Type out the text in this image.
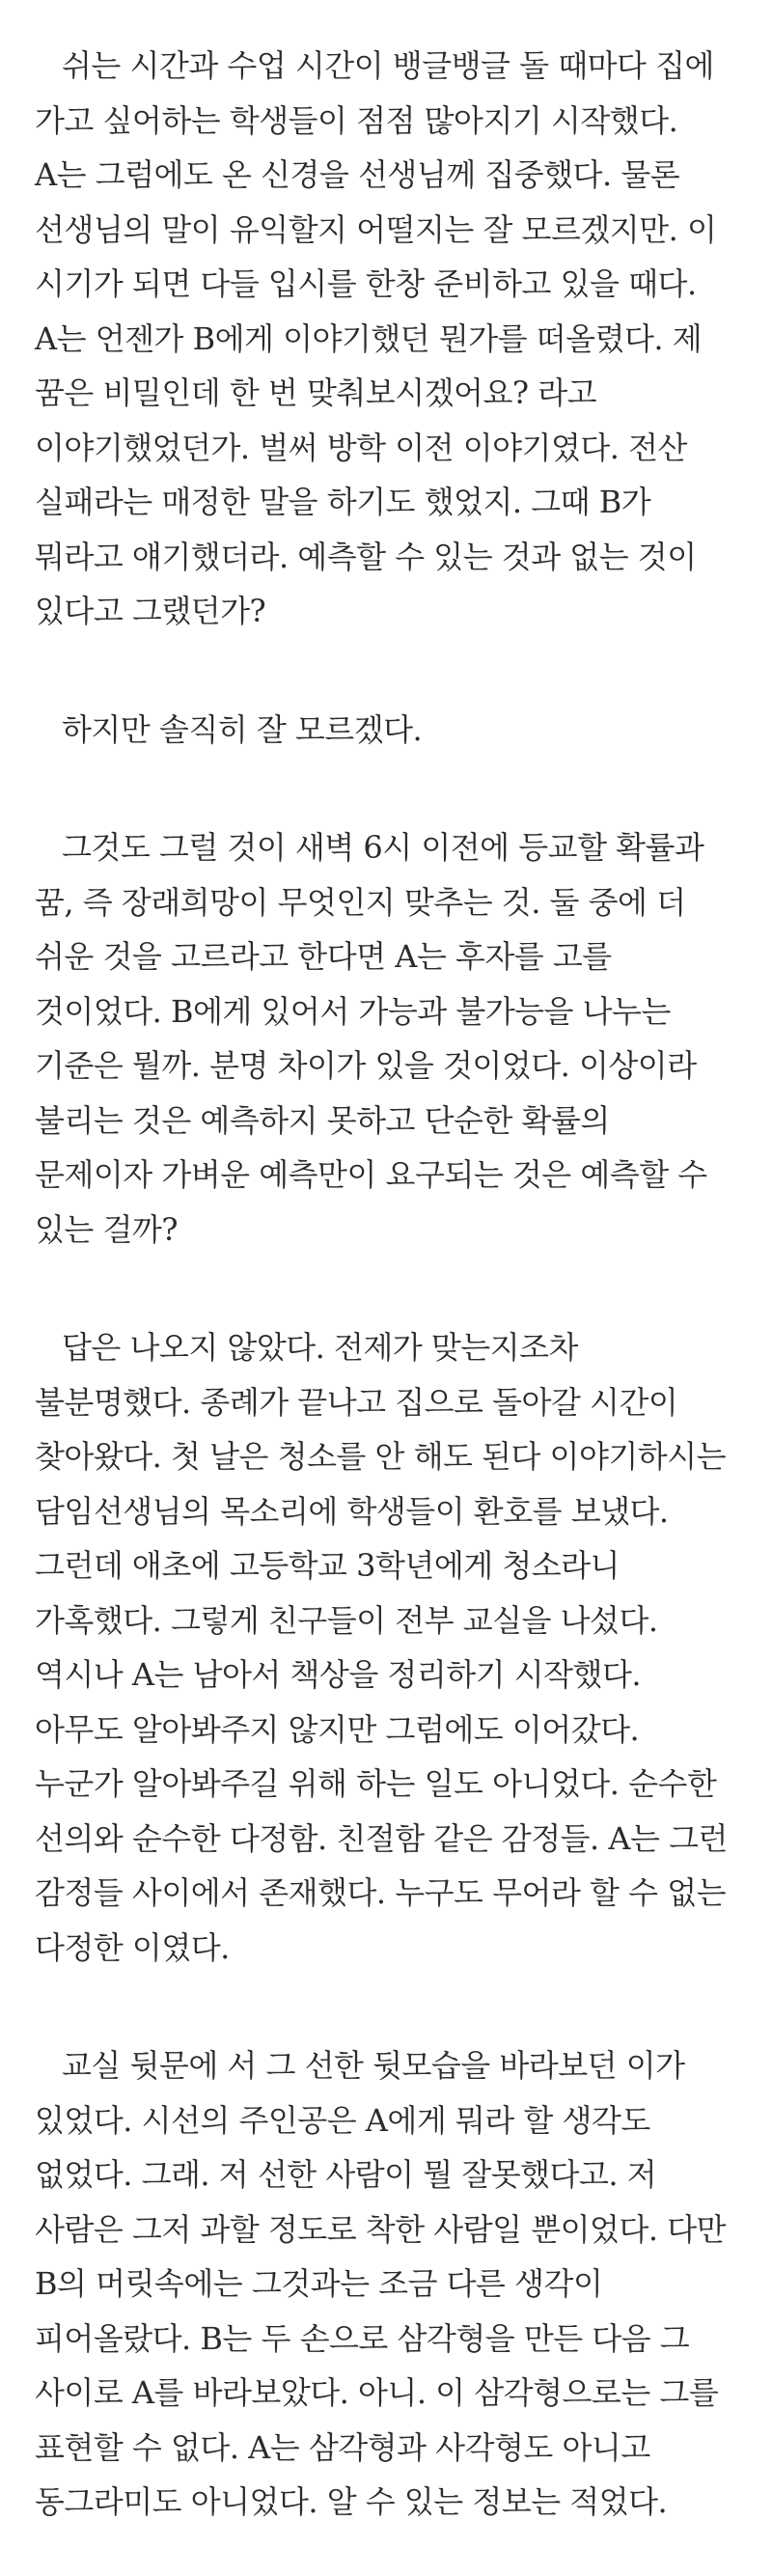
쉬는 시간과 수업 시간이 뱅글뱅글 돌 때마다 집에 가고 싶어하는 학생들이 점점 많아지기 시작했다. A는 그럼에도 온 신경을 선생님께 집중했다. 물론 선생님의 말이 유익할지 어떨지는 잘 모르겠지만. 이 시기가 되면 다들 입시를 한창 준비하고 있을 때다. A는 언젠가 B에게 이야기했던 뭔가를 떠올렸다. 제 꿈은 비밀인데 한 번 맞춰보시겠어요? 라고 이야기했었던가. 벌써 방학 이전 이야기였다. 전산 실패라는 매정한 말을 하기도 했었지. 그때 B가 뭐라고 얘기했더라. 예측할 수 있는 것과 없는 것이 있다고 그랬던가?

하지만 솔직히 잘 모르겠다.

그것도 그럴 것이 새벽 6시 이전에 등교할 확률과 꿈, 즉 장래희망이 무엇인지 맞추는 것. 둘 중에 더 쉬운 것을 고르라고 한다면 A는 후자를 고를 것이었다. B에게 있어서 가능과 불가능을 나누는 기준은 뭘까. 분명 차이가 있을 것이었다. 이상이라 불리는 것은 예측하지 못하고 단순한 확률의 문제이자 가벼운 예측만이 요구되는 것은 예측할 수 있는 걸까?

답은 나오지 않았다. 전제가 맞는지조차 불분명했다. 종례가 끝나고 집으로 돌아갈 시간이 찾아왔다. 첫 날은 청소를 안 해도 된다 이야기하시는 담임선생님의 목소리에 학생들이 환호를 보냈다. 그런데 애초에 고등학교 3학년에게 청소라니 가혹했다. 그렇게 친구들이 전부 교실을 나섰다. 역시나 A는 남아서 책상을 정리하기 시작했다. 아무도 알아봐주지 않지만 그럼에도 이어갔다. 누군가 알아봐주길 위해 하는 일도 아니었다. 순수한 선의와 순수한 다정함. 친절함 같은 감정들. A는 그런 감정들 사이에서 존재했다. 누구도 무어라 할 수 없는 다정한 이였다.

교실 뒷문에 서 그 선한 뒷모습을 바라보던 이가 있었다. 시선의 주인공은 A에게 뭐라 할 생각도 없었다. 그래. 저 선한 사람이 뭘 잘못했다고. 저 사람은 그저 과할 정도로 착한 사람일 뿐이었다. 다만 B의 머릿속에는 그것과는 조금 다른 생각이 피어올랐다. B는 두 손으로 삼각형을 만든 다음 그 사이로 A를 바라보았다. 아니. 이 삼각형으로는 그를 표현할 수 없다. A는 삼각형과 사각형도 아니고 동그라미도 아니었다. 알 수 있는 정보는 적었다.
